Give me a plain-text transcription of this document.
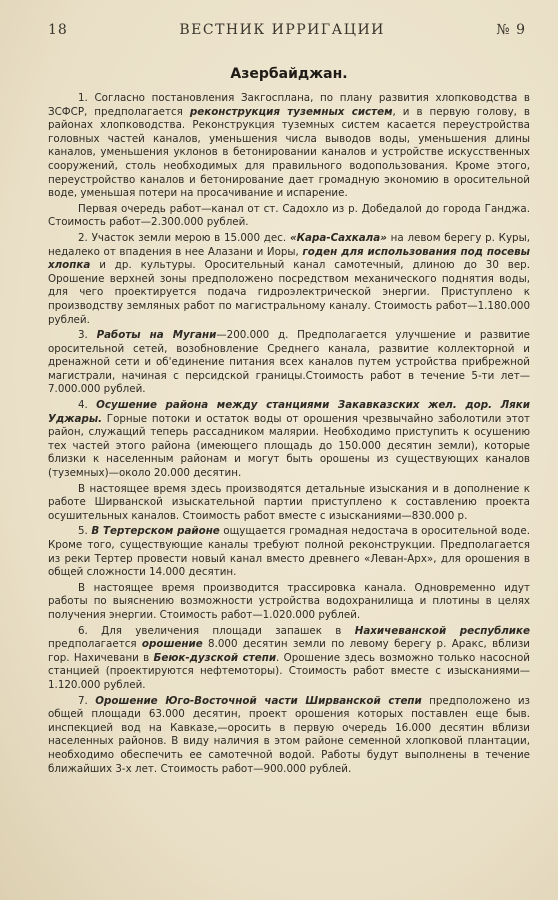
18	ВЕСТНИК ИРРИГАЦИИ	№ 9
Азербайджан.

1. Согласно постановления Закгосплана, по плану развития хлопководства в ЗСФСР, предполагается реконструкция туземных систем, и в первую голову, в районах хлопководства. Реконструкция туземных систем касается переустройства головных частей каналов, уменьшения числа выводов воды, уменьшения длины каналов, уменьшения уклонов в бетонировании каналов и устройстве искусственных сооружений, столь необходимых для правильного водопользования. Кроме этого, переустройство каналов и бетонирование дает громадную экономию в оросительной воде, уменьшая потери на просачивание и испарение.

Первая очередь работ—канал от ст. Садохло из р. Добедалой до города Ганджа. Стоимость работ—2.300.000 рублей.

2. Участок земли мерою в 15.000 дес. «Кара-Сахкала» на левом берегу р. Куры, недалеко от впадения в нее Алазани и Иоры, годен для использования под посевы хлопка и др. культуры. Оросительный канал самотечный, длиною до 30 вер. Орошение верхней зоны предположено посредством механического поднятия воды, для чего проектируется подача гидроэлектрической энергии. Приступлено к производству земляных работ по магистральному каналу. Стоимость работ—1.180.000 рублей.

3. Работы на Мугани—200.000 д. Предполагается улучшение и развитие оросительной сетей, возобновление Среднего канала, развитие коллекторной и дренажной сети и об'единение питания всех каналов путем устройства прибрежной магистрали, начиная с персидской границы.Стоимость работ в течение 5-ти лет—7.000.000 рублей.

4. Осушение района между станциями Закавказских жел. дор. Ляки Уджары. Горные потоки и остаток воды от орошения чрезвычайно заболотили этот район, служащий теперь рассадником малярии. Необходимо приступить к осушению тех частей этого района (имеющего площадь до 150.000 десятин земли), которые близки к населенным районам и могут быть орошены из существующих каналов (туземных)—около 20.000 десятин.

В настоящее время здесь производятся детальные изыскания и в дополнение к работе Ширванской изыскательной партии приступлено к составлению проекта осушительных каналов. Стоимость работ вместе с изысканиями—830.000 р.

5. В Тертерском районе ощущается громадная недостача в оросительной воде. Кроме того, существующие каналы требуют полной реконструкции. Предполагается из реки Тертер провести новый канал вместо древнего «Леван-Арх», для орошения в общей сложности 14.000 десятин.

В настоящее время производится трассировка канала. Одновременно идут работы по выяснению возможности устройства водохранилища и плотины в целях получения энергии. Стоимость работ—1.020.000 рублей.

6. Для увеличения площади запашек в Нахичеванской республике предполагается орошение 8.000 десятин земли по левому берегу р. Аракс, вблизи гор. Нахичевани в Беюк-дузской степи. Орошение здесь возможно только насосной станцией (проектируются нефтемоторы). Стоимость работ вместе с изысканиями—1.120.000 рублей.

7. Орошение Юго-Восточной части Ширванской степи предположено из общей площади 63.000 десятин, проект орошения которых поставлен еще быв. инспекцией вод на Кавказе,—оросить в первую очередь 16.000 десятин вблизи населенных районов. В виду наличия в этом районе семенной хлопковой плантации, необходимо обеспечить ее самотечной водой. Работы будут выполнены в течение ближайших 3-х лет. Стоимость работ—900.000 рублей.
